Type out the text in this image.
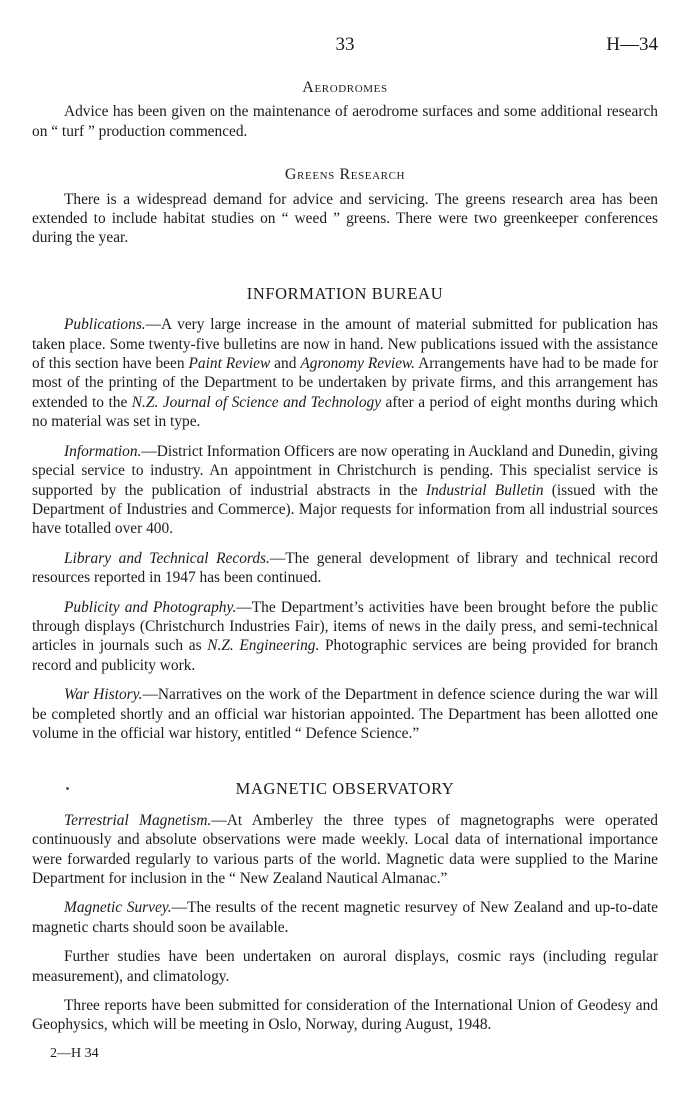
33	H—34
Aerodromes

Advice has been given on the maintenance of aerodrome surfaces and some additional research on “ turf ” production commenced.

Greens Research

There is a widespread demand for advice and servicing. The greens research area has been extended to include habitat studies on “ weed ” greens. There were two greenkeeper conferences during the year.

INFORMATION BUREAU

Publications.—A very large increase in the amount of material submitted for publication has taken place. Some twenty-five bulletins are now in hand. New publications issued with the assistance of this section have been Paint Review and Agronomy Review. Arrangements have had to be made for most of the printing of the Department to be undertaken by private firms, and this arrangement has extended to the N.Z. Journal of Science and Technology after a period of eight months during which no material was set in type.

Information.—District Information Officers are now operating in Auckland and Dunedin, giving special service to industry. An appointment in Christchurch is pending. This specialist service is supported by the publication of industrial abstracts in the Industrial Bulletin (issued with the Department of Industries and Commerce). Major requests for information from all industrial sources have totalled over 400.

Library and Technical Records.—The general development of library and technical record resources reported in 1947 has been continued.

Publicity and Photography.—The Department’s activities have been brought before the public through displays (Christchurch Industries Fair), items of news in the daily press, and semi-technical articles in journals such as N.Z. Engineering. Photographic services are being provided for branch record and publicity work.

War History.—Narratives on the work of the Department in defence science during the war will be completed shortly and an official war historian appointed. The Department has been allotted one volume in the official war history, entitled “ Defence Science.”

MAGNETIC OBSERVATORY

Terrestrial Magnetism.—At Amberley the three types of magnetographs were operated continuously and absolute observations were made weekly. Local data of international importance were forwarded regularly to various parts of the world. Magnetic data were supplied to the Marine Department for inclusion in the “ New Zealand Nautical Almanac.”

Magnetic Survey.—The results of the recent magnetic resurvey of New Zealand and up-to-date magnetic charts should soon be available.

Further studies have been undertaken on auroral displays, cosmic rays (including regular measurement), and climatology.

Three reports have been submitted for consideration of the International Union of Geodesy and Geophysics, which will be meeting in Oslo, Norway, during August, 1948.

2—H 34
